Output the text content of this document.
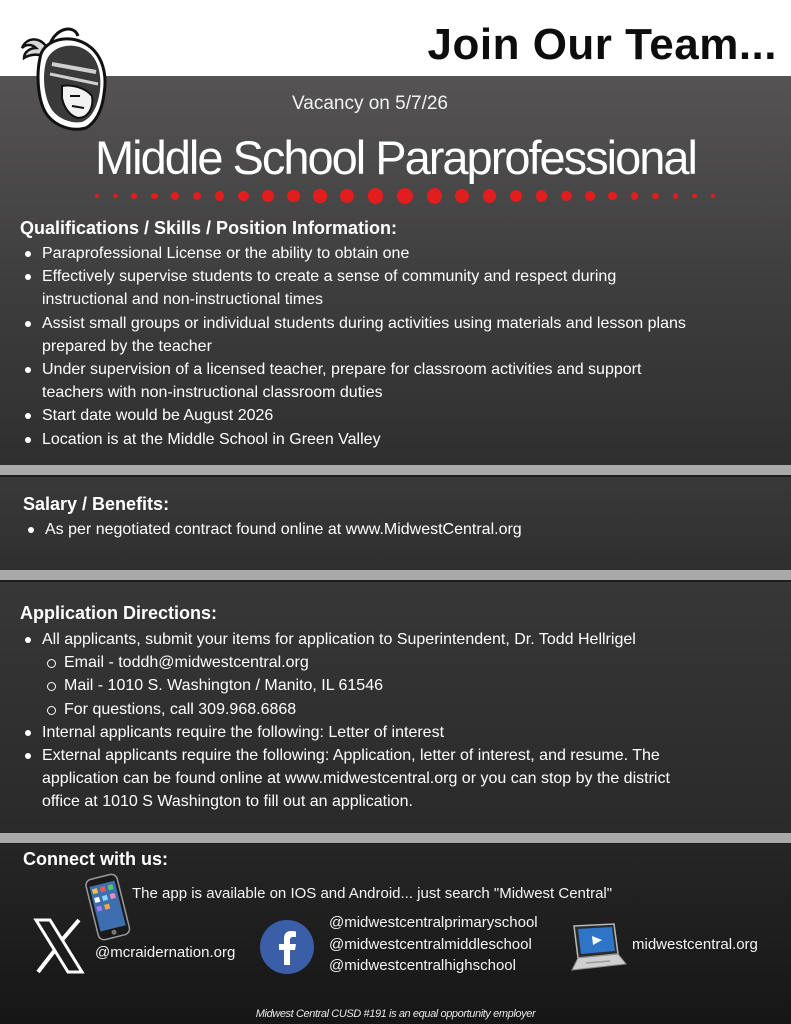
Join Our Team...
Vacancy on 5/7/26
Middle School Paraprofessional
Qualifications / Skills / Position Information:
Paraprofessional License or the ability to obtain one
Effectively supervise students to create a sense of community and respect during instructional and non-instructional times
Assist small groups or individual students during activities using materials and lesson plans prepared by the teacher
Under supervision of a licensed teacher, prepare for classroom activities and support teachers with non-instructional classroom duties
Start date would be August 2026
Location is at the Middle School in Green Valley
Salary / Benefits:
As per negotiated contract found online at www.MidwestCentral.org
Application Directions:
All applicants, submit your items for application to Superintendent, Dr. Todd Hellrigel
Email - toddh@midwestcentral.org
Mail - 1010 S. Washington / Manito, IL 61546
For questions, call 309.968.6868
Internal applicants require the following: Letter of interest
External applicants require the following: Application, letter of interest, and resume. The application can be found online at www.midwestcentral.org or you can stop by the district office at 1010 S Washington to fill out an application.
Connect with us:
The app is available on IOS and Android... just search "Midwest Central"
@mcraidernation.org
@midwestcentralprimaryschool
@midwestcentralmiddleschool
@midwestcentralhighschool
midwestcentral.org
Midwest Central CUSD #191 is an equal opportunity employer
